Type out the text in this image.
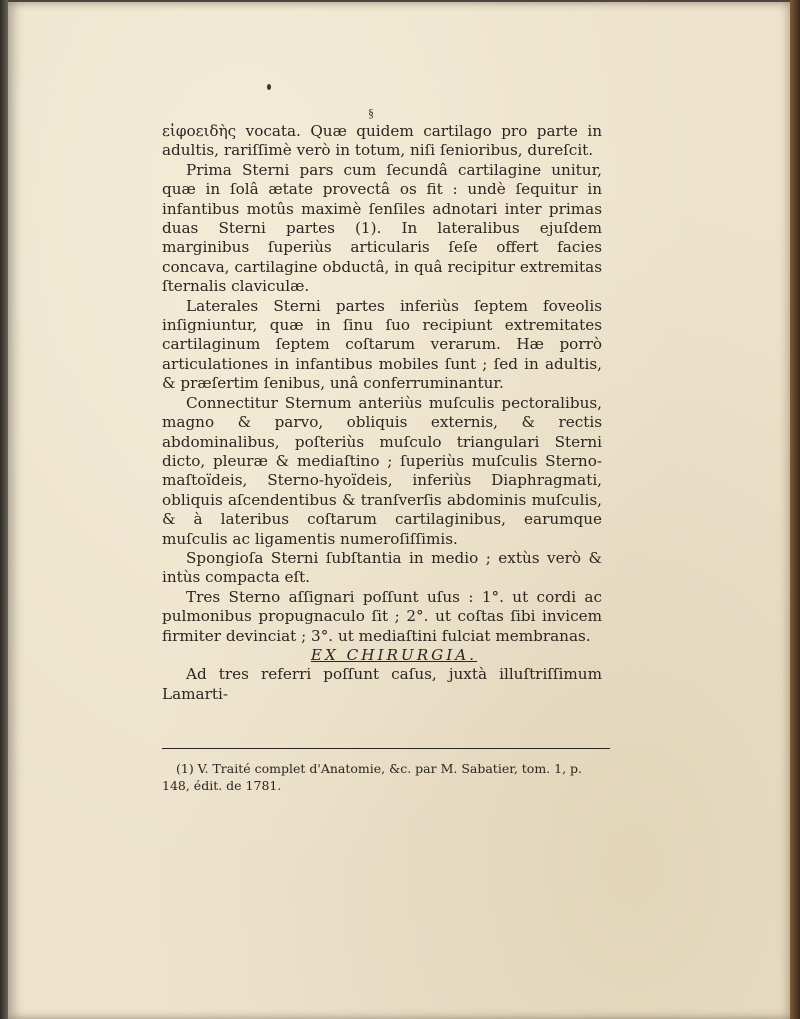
§

εἰφοειδὴς vocata. Quæ quidem cartilago pro parte in adultis, rariſſimè verò in totum, niſi ſenioribus, dureſcit.

Prima Sterni pars cum ſecundâ cartilagine unitur, quæ in ſolâ ætate provectâ os fit : undè ſequitur in infantibus motûs maximè ſenſiles adnotari inter primas duas Sterni partes (1). In lateralibus ejuſdem marginibus ſuperiùs articularis ſeſe offert facies concava, cartilagine obductâ, in quâ recipitur extremitas ſternalis claviculæ.

Laterales Sterni partes inferiùs ſeptem foveolis inſigniuntur, quæ in ſinu ſuo recipiunt extremitates cartilaginum ſeptem coſtarum verarum. Hæ porrò articulationes in infantibus mobiles ſunt ; ſed in adultis, & præſertim ſenibus, unâ conferruminantur.

Connectitur Sternum anteriùs muſculis pectoralibus, magno & parvo, obliquis externis, & rectis abdominalibus, poſteriùs muſculo triangulari Sterni dicto, pleuræ & mediaſtino ; ſuperiùs muſculis Sterno-maſtoïdeis, Sterno-hyoïdeis, inferiùs Diaphragmati, obliquis aſcendentibus & tranſverſis abdominis muſculis, & à lateribus coſtarum cartilaginibus, earumque muſculis ac ligamentis numeroſiſſimis.

Spongioſa Sterni ſubſtantia in medio ; extùs verò & intùs compacta eſt.

Tres Sterno aſſignari poſſunt uſus : 1°. ut cordi ac pulmonibus propugnaculo ſit ; 2°. ut coſtas ſibi invicem firmiter devinciat ; 3°. ut mediaſtini fulciat membranas.

EX CHIRURGIA.

Ad tres referri poſſunt caſus, juxtà illuſtriſſimum Lamarti-

(1) V. Traité complet d'Anatomie, &c. par M. Sabatier, tom. 1, p. 148, édit. de 1781.
